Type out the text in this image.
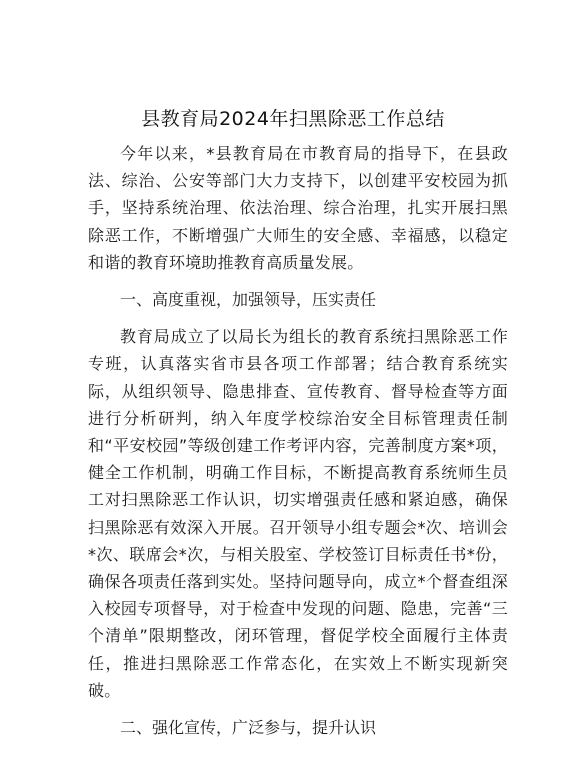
县教育局2024年扫黑除恶工作总结

今年以来，*县教育局在市教育局的指导下，在县政法、综治、公安等部门大力支持下，以创建平安校园为抓手，坚持系统治理、依法治理、综合治理，扎实开展扫黑除恶工作，不断增强广大师生的安全感、幸福感，以稳定和谐的教育环境助推教育高质量发展。

一、高度重视，加强领导，压实责任

教育局成立了以局长为组长的教育系统扫黑除恶工作专班，认真落实省市县各项工作部署；结合教育系统实际，从组织领导、隐患排查、宣传教育、督导检查等方面进行分析研判，纳入年度学校综治安全目标管理责任制和“平安校园”等级创建工作考评内容，完善制度方案*项，健全工作机制，明确工作目标，不断提高教育系统师生员工对扫黑除恶工作认识，切实增强责任感和紧迫感，确保扫黑除恶有效深入开展。召开领导小组专题会*次、培训会*次、联席会*次，与相关股室、学校签订目标责任书*份，确保各项责任落到实处。坚持问题导向，成立*个督查组深入校园专项督导，对于检查中发现的问题、隐患，完善“三个清单”限期整改，闭环管理，督促学校全面履行主体责任，推进扫黑除恶工作常态化，在实效上不断实现新突破。

二、强化宣传，广泛参与，提升认识
